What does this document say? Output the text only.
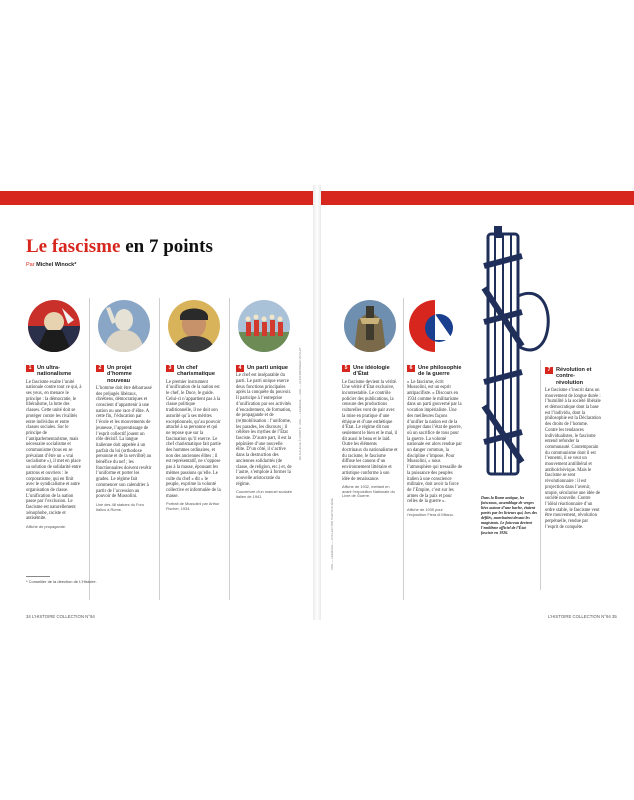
Le fascisme en 7 points
Par Michel Winock*
1	Un ultra-nationalisme
Le fascisme exalte l’unité nationale contre tout ce qui, à ses yeux, en menace le principe : la démocratie, le libéralisme, la lutte des classes. Cette unité doit se protéger contre les rivalités entre individus et entre classes sociales. Sur le principe de l’antiparlementarisme, mais nécessaire socialisme et communisme (tous en se prévalant d’être un « vrai socialisme »), il met en place sa solution de solidarité entre patrons et ouvriers : le corporatisme, qui en finit avec le syndicalisme et autre organisation de classe. L’unification de la nation passe par l’exclusion. Le fascisme est naturellement xénophobe, raciste et antisémite.
Affiche de propagande.
2	Un projet d’homme nouveau
L’homme doit être débarrassé des préjugés libéraux, chrétiens, démocratiques et conscient d’appartenir à une nation ou une race d’élite. A cette fin, l’éducation par l’école et les mouvements de jeunesse, l’apprentissage de l’esprit collectif jouent un rôle décisif. La langue italienne doit appelée à un parfait du loi (orthodoxe personne et de la servilité) au bénéfice du nef ; les fonctionnaires doivent revêtir l’uniforme et porter les grades. Le régime fait commencer son calendrier à partir de l’accession au pouvoir de Mussolini.
Une des 48 statues du Foro Italico à Rome.
3	Un chef charismatique
Le premier instrument d’unification de la nation est le chef, le Duce, le guide. Celui-ci n’appartient pas à la classe politique traditionnelle, il ne doit son autorité qu’à ses mérites exceptionnels, qu’au pouvoir attaché à sa personne et qui ne repose que sur la fascination qu’il exerce. Le chef charismatique fait partie des hommes ordinaires, et non des anciennes élites ; il est représentatif, ne s’oppose pas à la masse, épousant les mêmes passions qu’elle. Le culte du chef « dit » le peuple, exprime la volonté collective et informulée de la masse.
Portrait de Mussolini par Arthur Fischer, 1934.
4	Un parti unique
Le chef est inséparable du parti. Le parti unique exerce deux fonctions principales après la conquête du pouvoir. Il participe à l’entreprise d’unification par ses activités d’encadrement, de formation, de propagande et de (re)mobilisation : l’uniforme, les parades, les discours ; il célèbre les mythes de l’État fasciste. D’autre part, il est la pépinière d’une nouvelle élite. D’un côté, il s’active dans la destruction des anciennes solidarités (de classe, de religion, etc.) et, de l’autre, s’emploie à former la nouvelle aristocratie du régime.
Couverture d’un manuel scolaire italien de 1941.
* Conseiller de la direction de L’Histoire.
34 L’HISTOIRE COLLECTION N°94
DE GAUCHE À DROITE : AKG — LEEMAGE — AKG — ALINARI/ROGER-VIOLLET
AKG — LEEMAGE — COLLECTION PARTICULIÈRE
5	Une idéologie d’État
Le fascisme devient la vérité. Une vérité d’État exclusive, incontestable. Le contrôle policier des publications, la censure des productions culturelles vont de pair avec la mise en pratique d’une éthique et d’une esthétique d’État. Le régime dit non seulement le bien et le mal, il dit aussi le beau et le laid. Outre les éléments doctrinaux du nationalisme et du racisme, le fascisme diffuse les canons d’un environnement littéraire et artistique conforme à son idée de renaissance.
Affiche de 1932, mettant en avant l’exposition Nationale du Livre de Guerre.
6	Une philosophie de la guerre
« Le fascisme, écrit Mussolini, est un esprit antipacifiste. » Discours en 1934 comme le militarisme dans un parti gouverné par la vocation impérialiste. Une des meilleures façons d’unifier la nation est de la plonger dans l’état de guerre, où un sacrifice de tous pour la guerre. La volonté nationale est alors rendue par un danger commun, la discipline s’impose. Pour Mussolini, « nous l’atmosphère qui tressaille de la puissance des peuples italien à une conscience militaire, doit avoir la force de l’Empire, c’est sur les armes de la paix et pour celles de la guerre ».
Affiche de 1935 pour l’exposition Fiera di Milano.
Dans la Rome antique, les faisceaux, assemblage de verges liées autour d’une hache, étaient portés par les licteurs qui, lors des défilés, marchaient devant les magistrats. Le faisceau devient l’emblème officiel de l’État fasciste en 1926.
7	Révolution et contre-révolution
Le fascisme s’inscrit dans un mouvement de longue durée : l’humilité à la société libérale et démocratique dont la base est l’individu, dont la philosophie est la Déclaration des droits de l’homme. Contre les tendances individualistes, le fascisme entend refonder la communauté. Contemporain du communisme dont il est l’ennemi, il se veut un mouvement antilibéral et antibolchévique. Mais le fascisme se sent révolutionnaire : il est projection dans l’avenir, utopie, sécularise une idée de société nouvelle. Contre l’idéal réactionnaire d’un ordre stable, le fascisme veut être mouvement, révolution perpétuelle, rendue par l’esprit de conquête.
L’HISTOIRE COLLECTION N°94 35
